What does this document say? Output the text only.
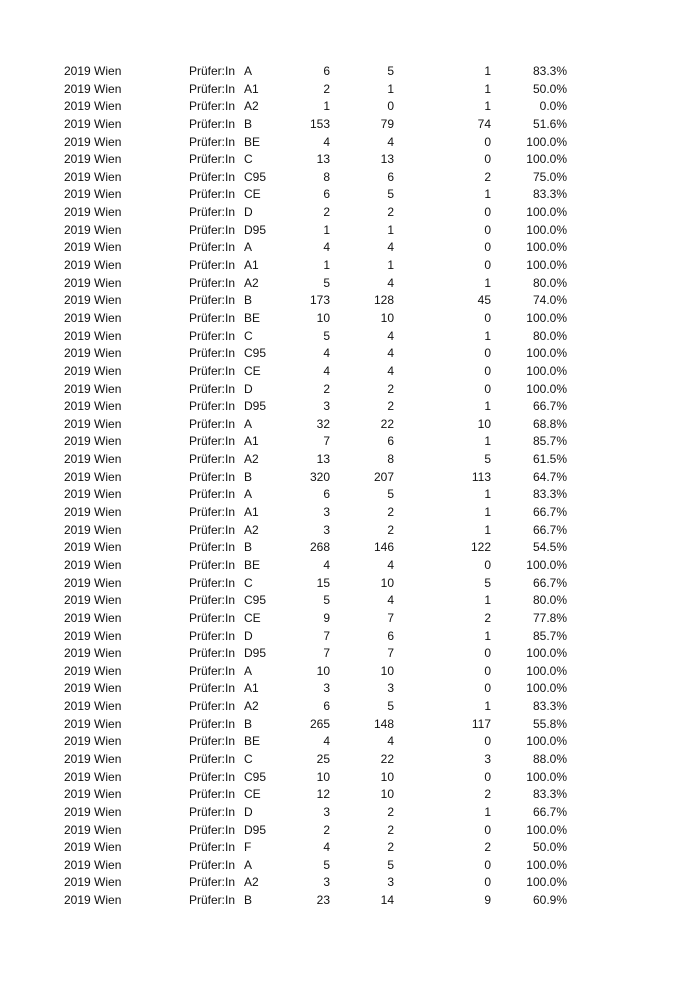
2019 Wien	Prüfer:In A	6	5	1	83.3%
2019 Wien	Prüfer:In A1	2	1	1	50.0%
2019 Wien	Prüfer:In A2	1	0	1	0.0%
2019 Wien	Prüfer:In B	153	79	74	51.6%
2019 Wien	Prüfer:In BE	4	4	0	100.0%
2019 Wien	Prüfer:In C	13	13	0	100.0%
2019 Wien	Prüfer:In C95	8	6	2	75.0%
2019 Wien	Prüfer:In CE	6	5	1	83.3%
2019 Wien	Prüfer:In D	2	2	0	100.0%
2019 Wien	Prüfer:In D95	1	1	0	100.0%
2019 Wien	Prüfer:In A	4	4	0	100.0%
2019 Wien	Prüfer:In A1	1	1	0	100.0%
2019 Wien	Prüfer:In A2	5	4	1	80.0%
2019 Wien	Prüfer:In B	173	128	45	74.0%
2019 Wien	Prüfer:In BE	10	10	0	100.0%
2019 Wien	Prüfer:In C	5	4	1	80.0%
2019 Wien	Prüfer:In C95	4	4	0	100.0%
2019 Wien	Prüfer:In CE	4	4	0	100.0%
2019 Wien	Prüfer:In D	2	2	0	100.0%
2019 Wien	Prüfer:In D95	3	2	1	66.7%
2019 Wien	Prüfer:In A	32	22	10	68.8%
2019 Wien	Prüfer:In A1	7	6	1	85.7%
2019 Wien	Prüfer:In A2	13	8	5	61.5%
2019 Wien	Prüfer:In B	320	207	113	64.7%
2019 Wien	Prüfer:In A	6	5	1	83.3%
2019 Wien	Prüfer:In A1	3	2	1	66.7%
2019 Wien	Prüfer:In A2	3	2	1	66.7%
2019 Wien	Prüfer:In B	268	146	122	54.5%
2019 Wien	Prüfer:In BE	4	4	0	100.0%
2019 Wien	Prüfer:In C	15	10	5	66.7%
2019 Wien	Prüfer:In C95	5	4	1	80.0%
2019 Wien	Prüfer:In CE	9	7	2	77.8%
2019 Wien	Prüfer:In D	7	6	1	85.7%
2019 Wien	Prüfer:In D95	7	7	0	100.0%
2019 Wien	Prüfer:In A	10	10	0	100.0%
2019 Wien	Prüfer:In A1	3	3	0	100.0%
2019 Wien	Prüfer:In A2	6	5	1	83.3%
2019 Wien	Prüfer:In B	265	148	117	55.8%
2019 Wien	Prüfer:In BE	4	4	0	100.0%
2019 Wien	Prüfer:In C	25	22	3	88.0%
2019 Wien	Prüfer:In C95	10	10	0	100.0%
2019 Wien	Prüfer:In CE	12	10	2	83.3%
2019 Wien	Prüfer:In D	3	2	1	66.7%
2019 Wien	Prüfer:In D95	2	2	0	100.0%
2019 Wien	Prüfer:In F	4	2	2	50.0%
2019 Wien	Prüfer:In A	5	5	0	100.0%
2019 Wien	Prüfer:In A2	3	3	0	100.0%
2019 Wien	Prüfer:In B	23	14	9	60.9%
